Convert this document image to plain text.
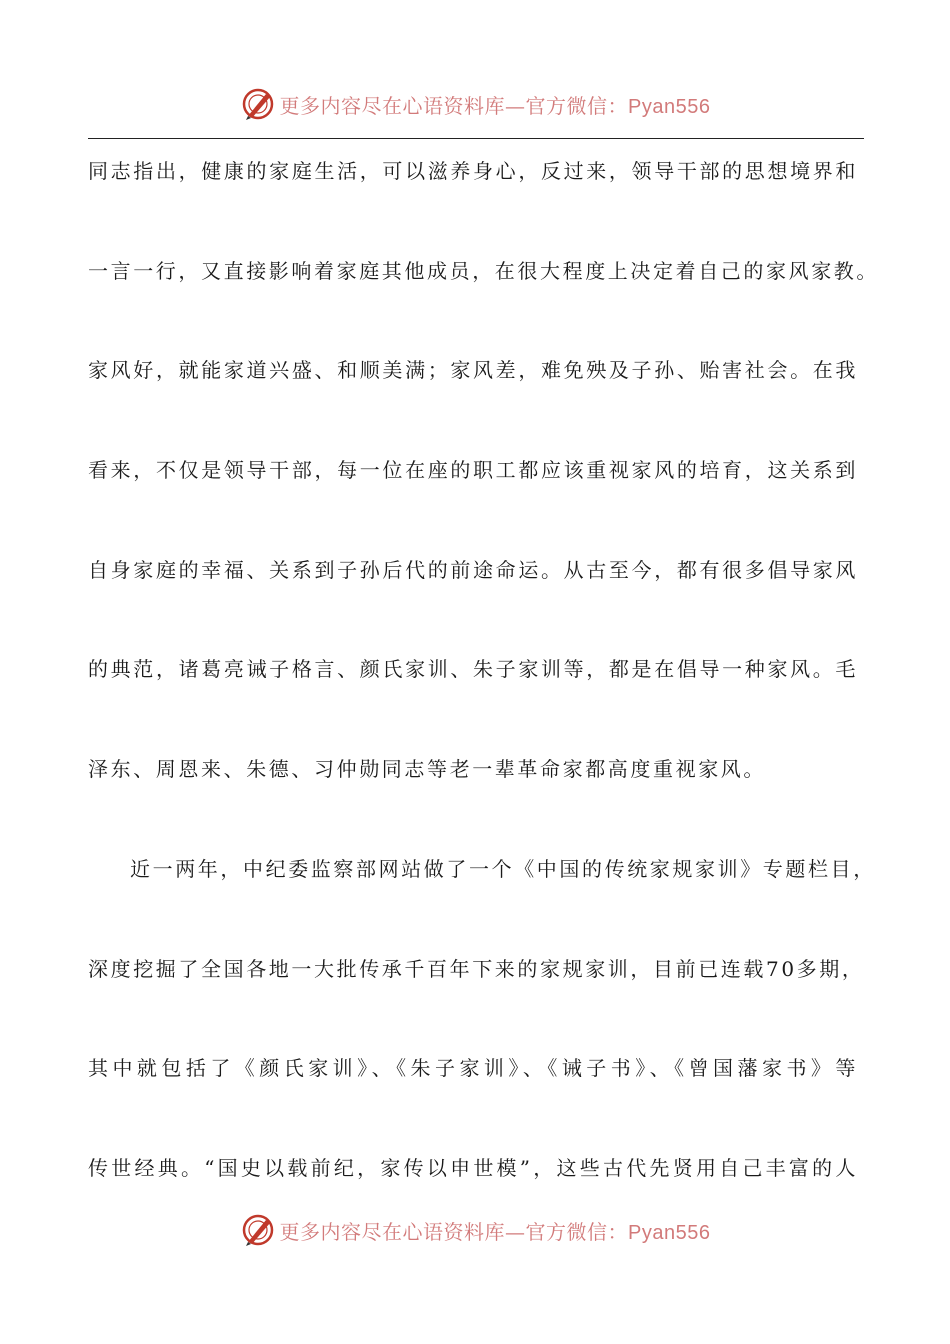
更多内容尽在心语资料库—官方微信：Pyan556
同志指出，健康的家庭生活，可以滋养身心，反过来，领导干部的思想境界和
一言一行，又直接影响着家庭其他成员，在很大程度上决定着自己的家风家教。
家风好，就能家道兴盛、和顺美满；家风差，难免殃及子孙、贻害社会。在我
看来，不仅是领导干部，每一位在座的职工都应该重视家风的培育，这关系到
自身家庭的幸福、关系到子孙后代的前途命运。从古至今，都有很多倡导家风
的典范，诸葛亮诫子格言、颜氏家训、朱子家训等，都是在倡导一种家风。毛
泽东、周恩来、朱德、习仲勋同志等老一辈革命家都高度重视家风。
近一两年，中纪委监察部网站做了一个《中国的传统家规家训》专题栏目，
深度挖掘了全国各地一大批传承千百年下来的家规家训，目前已连载70多期，
其中就包括了《颜氏家训》、《朱子家训》、《诫子书》、《曾国藩家书》等
传世经典。“国史以载前纪，家传以申世模”，这些古代先贤用自己丰富的人
更多内容尽在心语资料库—官方微信：Pyan556
